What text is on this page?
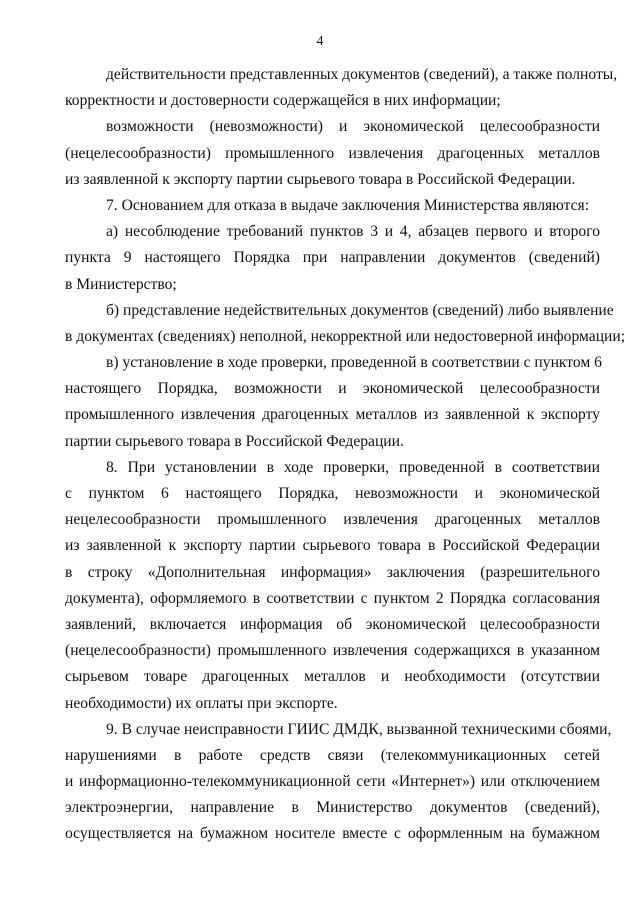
4
действительности представленных документов (сведений), а также полноты,
корректности и достоверности содержащейся в них информации;
возможности (невозможности) и экономической целесообразности
(нецелесообразности) промышленного извлечения драгоценных металлов
из заявленной к экспорту партии сырьевого товара в Российской Федерации.
7. Основанием для отказа в выдаче заключения Министерства являются:
а) несоблюдение требований пунктов 3 и 4, абзацев первого и второго
пункта 9 настоящего Порядка при направлении документов (сведений)
в Министерство;
б) представление недействительных документов (сведений) либо выявление
в документах (сведениях) неполной, некорректной или недостоверной информации;
в) установление в ходе проверки, проведенной в соответствии с пунктом 6
настоящего Порядка, возможности и экономической целесообразности
промышленного извлечения драгоценных металлов из заявленной к экспорту
партии сырьевого товара в Российской Федерации.
8. При установлении в ходе проверки, проведенной в соответствии
с пунктом 6 настоящего Порядка, невозможности и экономической
нецелесообразности промышленного извлечения драгоценных металлов
из заявленной к экспорту партии сырьевого товара в Российской Федерации
в строку «Дополнительная информация» заключения (разрешительного
документа), оформляемого в соответствии с пунктом 2 Порядка согласования
заявлений, включается информация об экономической целесообразности
(нецелесообразности) промышленного извлечения содержащихся в указанном
сырьевом товаре драгоценных металлов и необходимости (отсутствии
необходимости) их оплаты при экспорте.
9. В случае неисправности ГИИС ДМДК, вызванной техническими сбоями,
нарушениями в работе средств связи (телекоммуникационных сетей
и информационно-телекоммуникационной сети «Интернет») или отключением
электроэнергии, направление в Министерство документов (сведений),
осуществляется на бумажном носителе вместе с оформленным на бумажном
